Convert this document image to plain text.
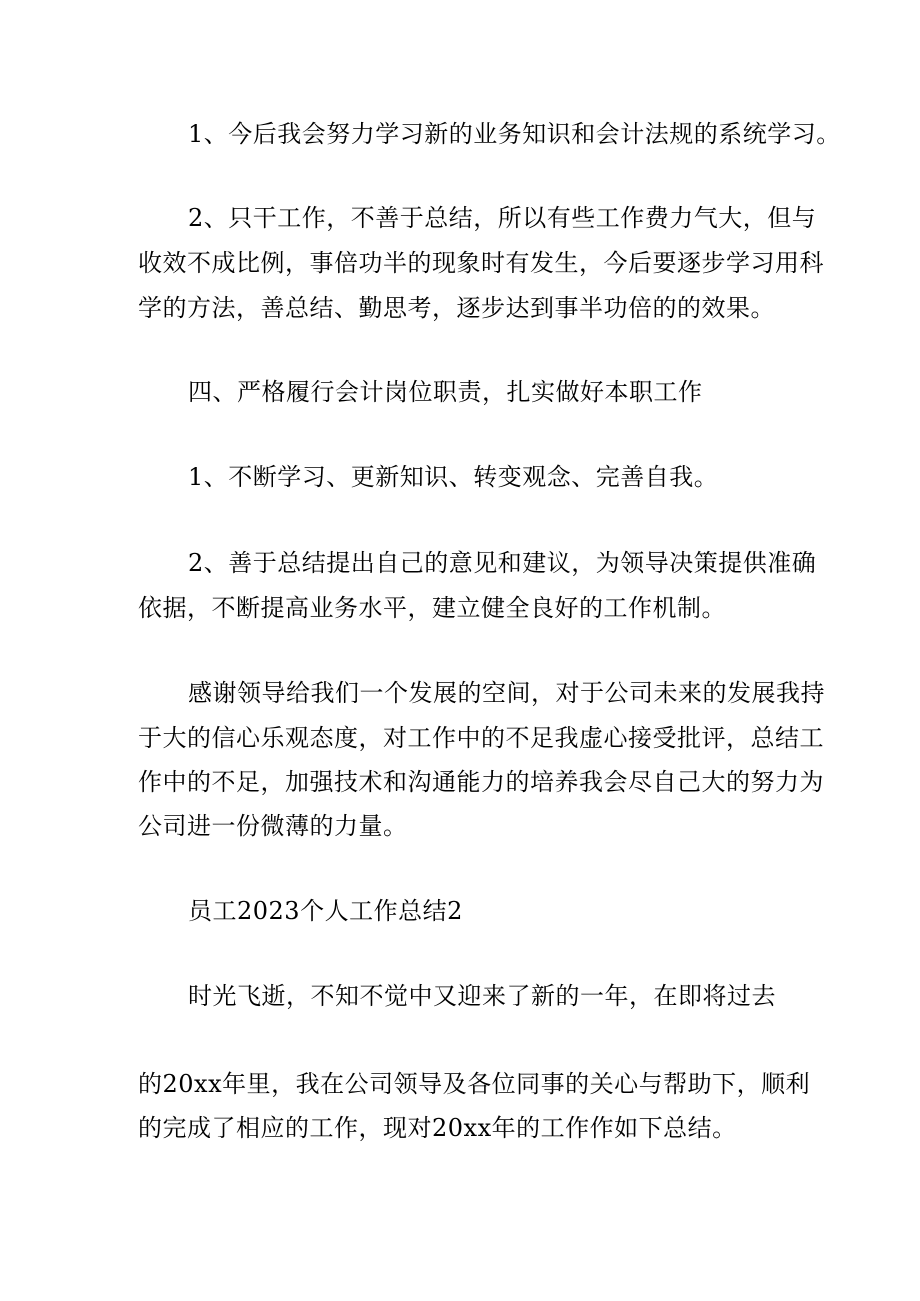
1、今后我会努力学习新的业务知识和会计法规的系统学习。
2、只干工作，不善于总结，所以有些工作费力气大，但与
收效不成比例，事倍功半的现象时有发生，今后要逐步学习用科
学的方法，善总结、勤思考，逐步达到事半功倍的的效果。
四、严格履行会计岗位职责，扎实做好本职工作
1、不断学习、更新知识、转变观念、完善自我。
2、善于总结提出自己的意见和建议，为领导决策提供准确
依据，不断提高业务水平，建立健全良好的工作机制。
感谢领导给我们一个发展的空间，对于公司未来的发展我持
于大的信心乐观态度，对工作中的不足我虚心接受批评，总结工
作中的不足，加强技术和沟通能力的培养我会尽自己大的努力为
公司进一份微薄的力量。
员工2023个人工作总结2
时光飞逝，不知不觉中又迎来了新的一年，在即将过去
的20xx年里，我在公司领导及各位同事的关心与帮助下，顺利
的完成了相应的工作，现对20xx年的工作作如下总结。
